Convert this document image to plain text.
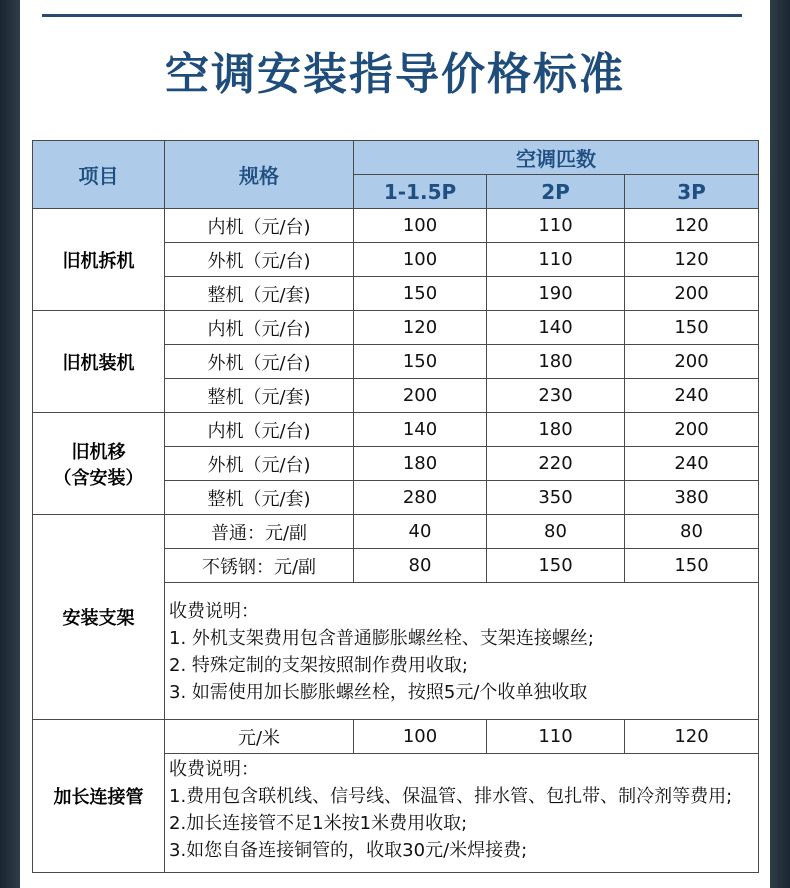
空调安装指导价格标准
项目	规格	空调匹数		
		1-1.5P	2P	3P
旧机拆机	内机（元/台)	100	110	120
	外机（元/台)	100	110	120
	整机（元/套)	150	190	200
旧机装机	内机（元/台)	120	140	150
	外机（元/台)	150	180	200
	整机（元/套)	200	230	240

旧机移
（含安装）	内机（元/台)	140	180	200
	外机（元/台)	180	220	240
	整机（元/套)	280	350	380
安装支架	普通：元/副	40	80	80
	不锈钢：元/副	80	150	150

	收费说明：
1. 外机支架费用包含普通膨胀螺丝栓、支架连接螺丝;
2. 特殊定制的支架按照制作费用收取;
3. 如需使用加长膨胀螺丝栓，按照5元/个收单独收取			

加长连接管	元/米	100	110	120

	收费说明：
1.费用包含联机线、信号线、保温管、排水管、包扎带、制冷剂等费用;
2.加长连接管不足1米按1米费用收取;
3.如您自备连接铜管的，收取30元/米焊接费;			
